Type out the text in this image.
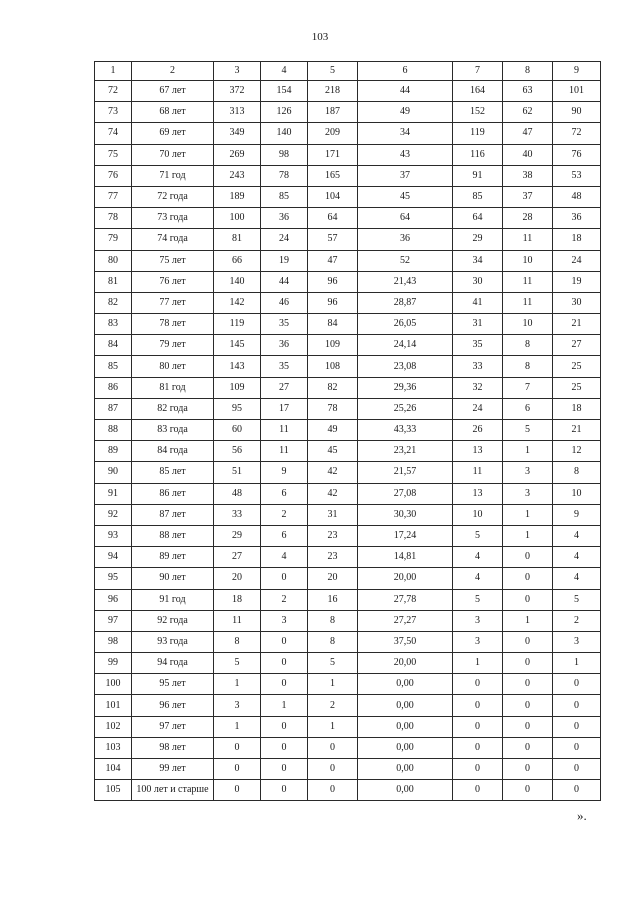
103
1	2	3	4	5	6	7	8	9
72	67 лет	372	154	218	44	164	63	101
73	68 лет	313	126	187	49	152	62	90
74	69 лет	349	140	209	34	119	47	72
75	70 лет	269	98	171	43	116	40	76
76	71 год	243	78	165	37	91	38	53
77	72 года	189	85	104	45	85	37	48
78	73 года	100	36	64	64	64	28	36
79	74 года	81	24	57	36	29	11	18
80	75 лет	66	19	47	52	34	10	24
81	76 лет	140	44	96	21,43	30	11	19
82	77 лет	142	46	96	28,87	41	11	30
83	78 лет	119	35	84	26,05	31	10	21
84	79 лет	145	36	109	24,14	35	8	27
85	80 лет	143	35	108	23,08	33	8	25
86	81 год	109	27	82	29,36	32	7	25
87	82 года	95	17	78	25,26	24	6	18
88	83 года	60	11	49	43,33	26	5	21
89	84 года	56	11	45	23,21	13	1	12
90	85 лет	51	9	42	21,57	11	3	8
91	86 лет	48	6	42	27,08	13	3	10
92	87 лет	33	2	31	30,30	10	1	9
93	88 лет	29	6	23	17,24	5	1	4
94	89 лет	27	4	23	14,81	4	0	4
95	90 лет	20	0	20	20,00	4	0	4
96	91 год	18	2	16	27,78	5	0	5
97	92 года	11	3	8	27,27	3	1	2
98	93 года	8	0	8	37,50	3	0	3
99	94 года	5	0	5	20,00	1	0	1
100	95 лет	1	0	1	0,00	0	0	0
101	96 лет	3	1	2	0,00	0	0	0
102	97 лет	1	0	1	0,00	0	0	0
103	98 лет	0	0	0	0,00	0	0	0
104	99 лет	0	0	0	0,00	0	0	0
105	100 лет и старше	0	0	0	0,00	0	0	0
».
